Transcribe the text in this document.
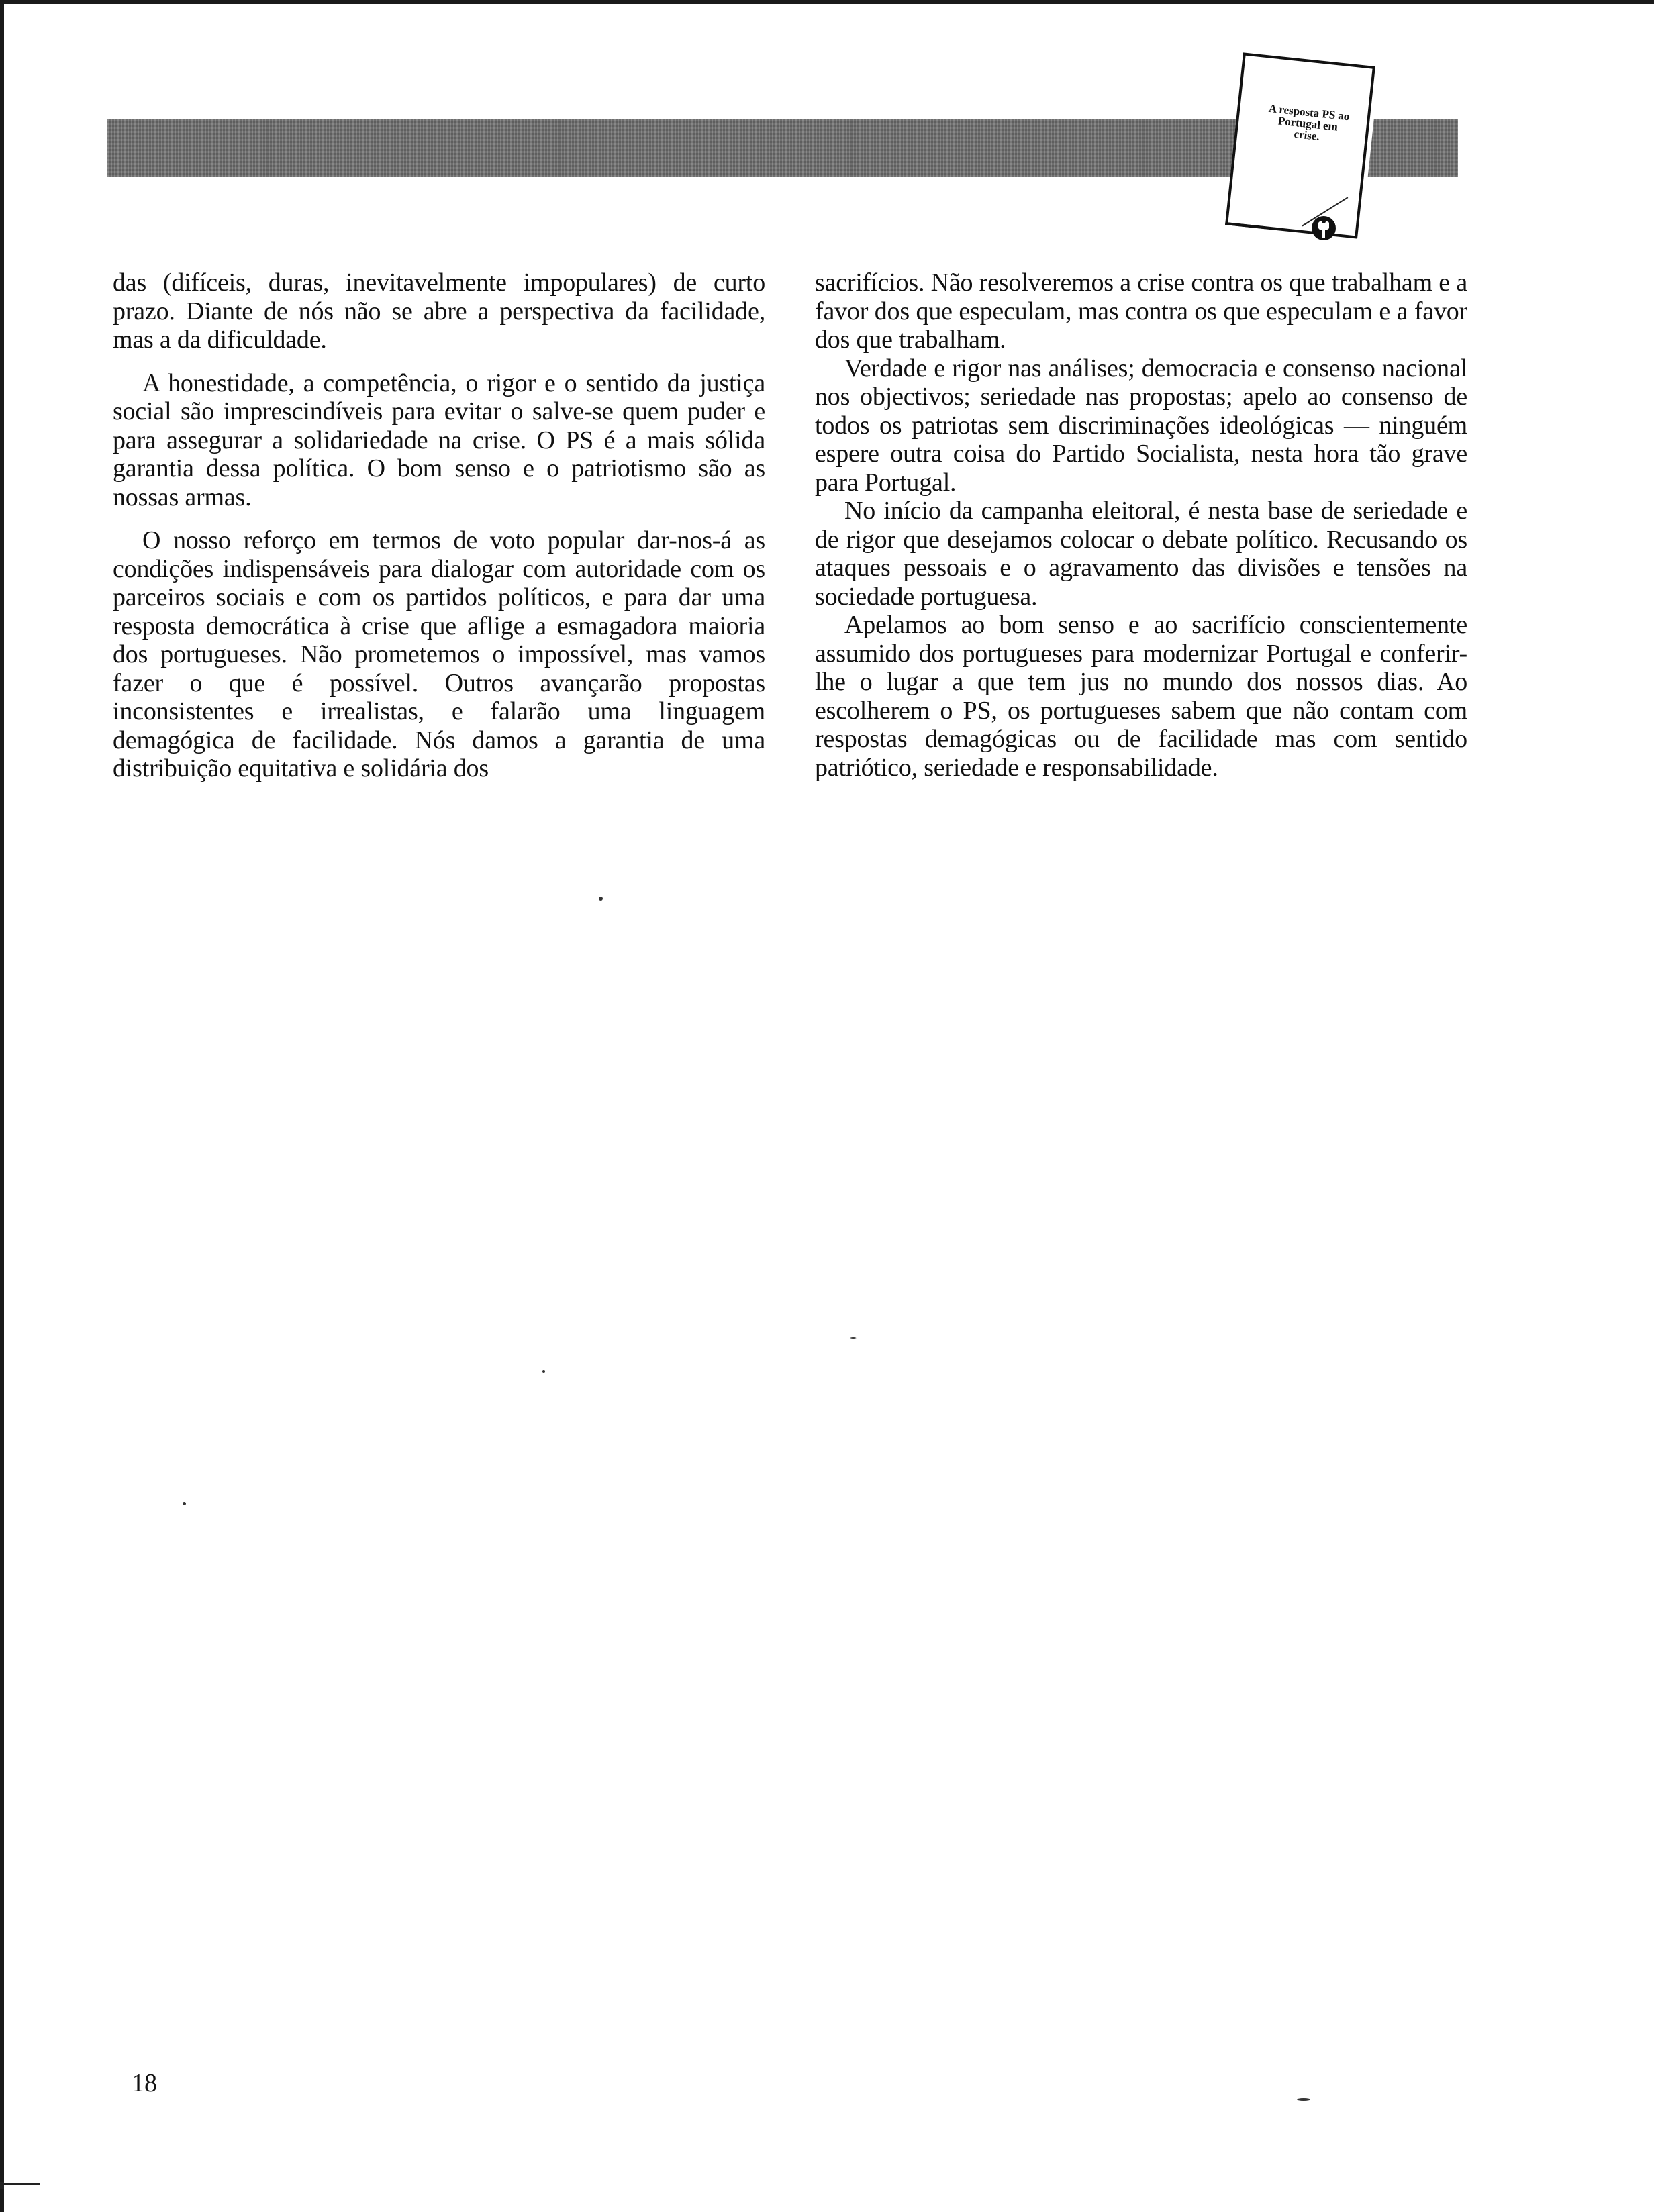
A resposta PS ao Portugal em crise.

das (difíceis, duras, inevitavelmente impopulares) de curto prazo. Diante de nós não se abre a perspectiva da facilidade, mas a da dificuldade.

A honestidade, a competência, o rigor e o sentido da justiça social são imprescindíveis para evitar o salve-se quem puder e para assegurar a solidariedade na crise. O PS é a mais sólida garantia dessa política. O bom senso e o patriotismo são as nossas armas.

O nosso reforço em termos de voto popular dar-nos-á as condições indispensáveis para dialogar com autoridade com os parceiros sociais e com os partidos políticos, e para dar uma resposta democrática à crise que aflige a esmagadora maioria dos portugueses. Não prometemos o impossível, mas vamos fazer o que é possível. Outros avançarão propostas inconsistentes e irrealistas, e falarão uma linguagem demagógica de facilidade. Nós damos a garantia de uma distribuição equitativa e solidária dos

sacrifícios. Não resolveremos a crise contra os que trabalham e a favor dos que especulam, mas contra os que especulam e a favor dos que trabalham.

Verdade e rigor nas análises; democracia e consenso nacional nos objectivos; seriedade nas propostas; apelo ao consenso de todos os patriotas sem discriminações ideológicas — ninguém espere outra coisa do Partido Socialista, nesta hora tão grave para Portugal.

No início da campanha eleitoral, é nesta base de seriedade e de rigor que desejamos colocar o debate político. Recusando os ataques pessoais e o agravamento das divisões e tensões na sociedade portuguesa.

Apelamos ao bom senso e ao sacrifício conscientemente assumido dos portugueses para modernizar Portugal e conferir-lhe o lugar a que tem jus no mundo dos nossos dias. Ao escolherem o PS, os portugueses sabem que não contam com respostas demagógicas ou de facilidade mas com sentido patriótico, seriedade e responsabilidade.

18
